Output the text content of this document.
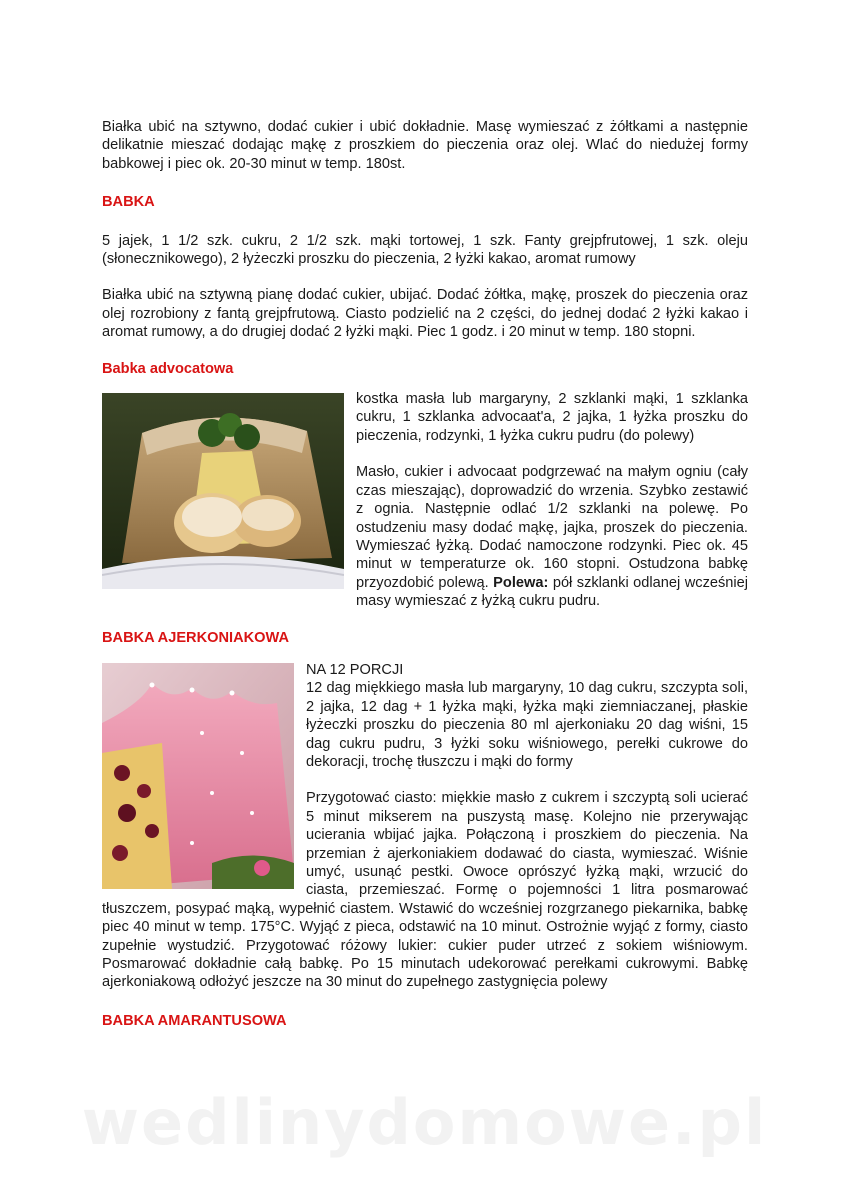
Białka ubić na sztywno, dodać cukier i ubić dokładnie. Masę wymieszać z żółtkami a następnie delikatnie mieszać dodając mąkę z proszkiem do pieczenia oraz olej. Wlać do niedużej formy babkowej i piec ok. 20-30 minut w temp. 180st.

BABKA

5 jajek, 1 1/2 szk. cukru, 2 1/2 szk. mąki tortowej, 1 szk. Fanty grejpfrutowej, 1 szk. oleju (słonecznikowego), 2 łyżeczki proszku do pieczenia, 2 łyżki kakao, aromat rumowy

Białka ubić na sztywną pianę dodać cukier, ubijać. Dodać żółtka, mąkę, proszek do pieczenia oraz olej rozrobiony z fantą grejpfrutową. Ciasto podzielić na 2 części, do jednej dodać 2 łyżki kakao i aromat rumowy, a do drugiej dodać 2 łyżki mąki. Piec 1 godz. i 20 minut w temp. 180 stopni.

Babka advocatowa

kostka masła lub margaryny, 2 szklanki mąki, 1 szklanka cukru, 1 szklanka advocaat'a, 2 jajka, 1 łyżka proszku do pieczenia, rodzynki, 1 łyżka cukru pudru (do polewy)

Masło, cukier i advocaat podgrzewać na małym ogniu (cały czas mieszając), doprowadzić do wrzenia. Szybko zestawić z ognia. Następnie odlać 1/2 szklanki na polewę. Po ostudzeniu masy dodać mąkę, jajka, proszek do pieczenia. Wymieszać łyżką. Dodać namoczone rodzynki. Piec ok. 45 minut w temperaturze ok. 160 stopni. Ostudzona babkę przyozdobić polewą. Polewa: pół szklanki odlanej wcześniej masy wymieszać z łyżką cukru pudru.

BABKA AJERKONIAKOWA

NA 12 PORCJI

12 dag miękkiego masła lub margaryny, 10 dag cukru, szczypta soli, 2 jajka, 12 dag + 1 łyżka mąki, łyżka mąki ziemniaczanej, płaskie łyżeczki proszku do pieczenia 80 ml ajerkoniaku 20 dag wiśni, 15 dag cukru pudru, 3 łyżki soku wiśniowego, perełki cukrowe do dekoracji, trochę tłuszczu i mąki do formy

Przygotować ciasto: miękkie masło z cukrem i szczyptą soli ucierać 5 minut mikserem na puszystą masę. Kolejno nie przerywając ucierania wbijać jajka. Połączoną i proszkiem do pieczenia. Na przemian ż ajerkoniakiem dodawać do ciasta, wymieszać. Wiśnie umyć, usunąć pestki. Owoce oprószyć łyżką mąki, wrzucić do ciasta, przemieszać. Formę o pojemności 1 litra posmarować tłuszczem, posypać mąką, wypełnić ciastem. Wstawić do wcześniej rozgrzanego piekarnika, babkę piec 40 minut w temp. 175°C. Wyjąć z pieca, odstawić na 10 minut. Ostrożnie wyjąć z formy, ciasto zupełnie wystudzić. Przygotować różowy lukier: cukier puder utrzeć z sokiem wiśniowym. Posmarować dokładnie całą babkę. Po 15 minutach udekorować perełkami cukrowymi. Babkę ajerkoniakową odłożyć jeszcze na 30 minut do zupełnego zastygnięcia polewy

BABKA AMARANTUSOWA
wedlinydomowe.pl
